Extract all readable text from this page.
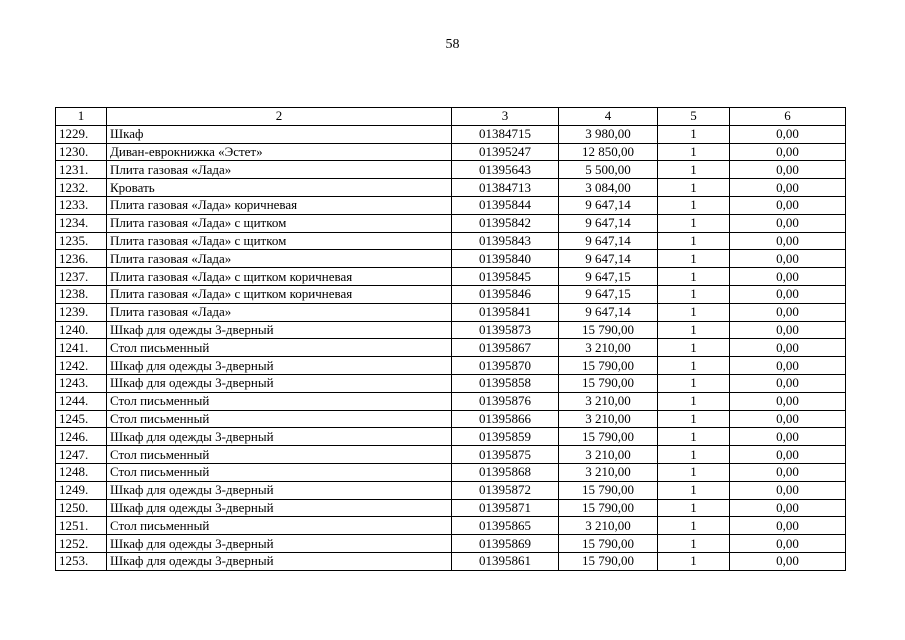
58
1	2	3	4	5	6
1229.	Шкаф	01384715	3 980,00	1	0,00
1230.	Диван-еврокнижка «Эстет»	01395247	12 850,00	1	0,00
1231.	Плита газовая «Лада»	01395643	5 500,00	1	0,00
1232.	Кровать	01384713	3 084,00	1	0,00
1233.	Плита газовая «Лада» коричневая	01395844	9 647,14	1	0,00
1234.	Плита газовая «Лада» с щитком	01395842	9 647,14	1	0,00
1235.	Плита газовая «Лада» с щитком	01395843	9 647,14	1	0,00
1236.	Плита газовая «Лада»	01395840	9 647,14	1	0,00
1237.	Плита газовая «Лада» с щитком коричневая	01395845	9 647,15	1	0,00
1238.	Плита газовая «Лада» с щитком коричневая	01395846	9 647,15	1	0,00
1239.	Плита газовая «Лада»	01395841	9 647,14	1	0,00
1240.	Шкаф для одежды 3-дверный	01395873	15 790,00	1	0,00
1241.	Стол письменный	01395867	3 210,00	1	0,00
1242.	Шкаф для одежды 3-дверный	01395870	15 790,00	1	0,00
1243.	Шкаф для одежды 3-дверный	01395858	15 790,00	1	0,00
1244.	Стол письменный	01395876	3 210,00	1	0,00
1245.	Стол письменный	01395866	3 210,00	1	0,00
1246.	Шкаф для одежды 3-дверный	01395859	15 790,00	1	0,00
1247.	Стол письменный	01395875	3 210,00	1	0,00
1248.	Стол письменный	01395868	3 210,00	1	0,00
1249.	Шкаф для одежды 3-дверный	01395872	15 790,00	1	0,00
1250.	Шкаф для одежды 3-дверный	01395871	15 790,00	1	0,00
1251.	Стол письменный	01395865	3 210,00	1	0,00
1252.	Шкаф для одежды 3-дверный	01395869	15 790,00	1	0,00
1253.	Шкаф для одежды 3-дверный	01395861	15 790,00	1	0,00
